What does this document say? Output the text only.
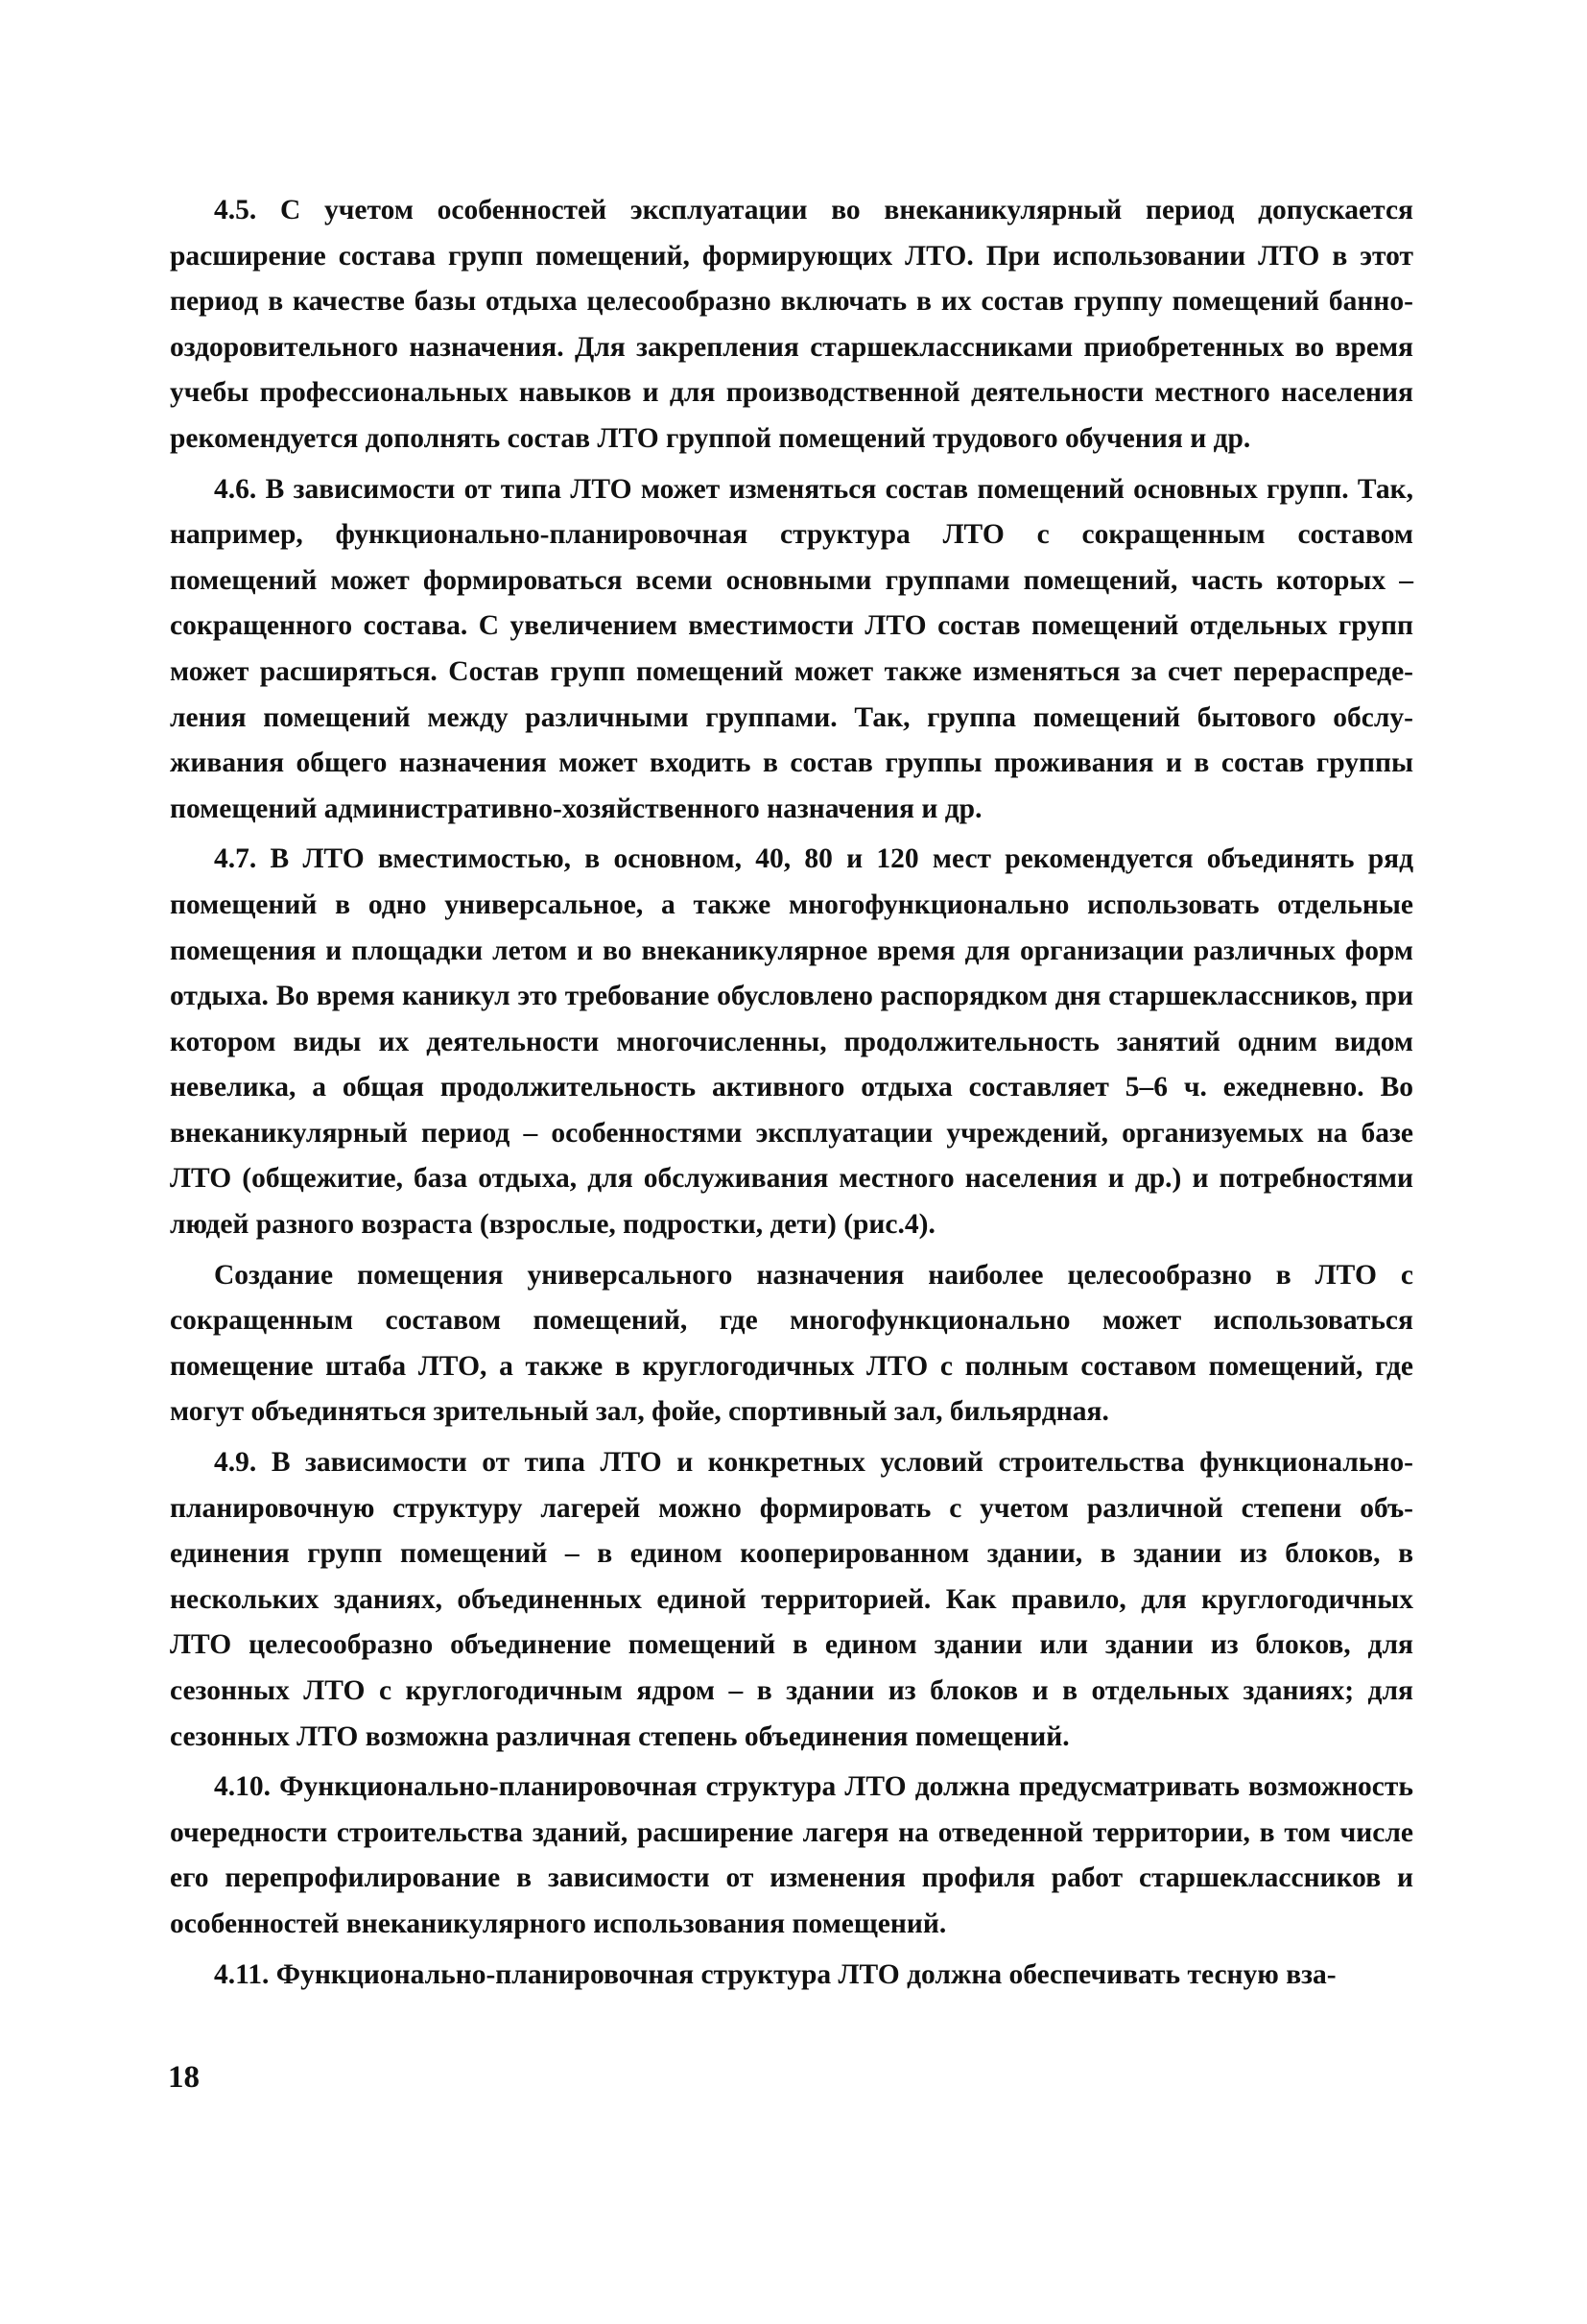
4.5. С учетом особенностей эксплуатации во внеканикулярный период допускается расширение состава групп помещений, формирующих ЛТО. При использовании ЛТО в этот период в качестве базы отдыха целесообразно включать в их состав группу помещений банно-оздоровительного назначения. Для закрепления старшеклассниками приобретенных во время учебы профессиональных навыков и для производственной деятельности местного населения рекомендуется дополнять состав ЛТО группой помещений трудового обучения и др.

4.6. В зависимости от типа ЛТО может изменяться состав помещений основных групп. Так, например, функционально-планировочная структура ЛТО с сокращенным составом помещений может формироваться всеми основными группами помещений, часть которых – сокращенного состава. С увеличением вместимости ЛТО состав помещений отдельных групп может расширяться. Состав групп помещений может также изменяться за счет перераспределения помещений между различными группами. Так, группа помещений бытового обслуживания общего назначения может входить в состав группы проживания и в состав группы помещений административно-хозяйственного назначения и др.

4.7. В ЛТО вместимостью, в основном, 40, 80 и 120 мест рекомендуется объединять ряд помещений в одно универсальное, а также многофункционально использовать отдельные помещения и площадки летом и во внеканикулярное время для организации различных форм отдыха. Во время каникул это требование обусловлено распорядком дня старшеклассников, при котором виды их деятельности многочисленны, продолжительность занятий одним видом невелика, а общая продолжительность активного отдыха составляет 5–6 ч. ежедневно. Во внеканикулярный период – особенностями эксплуатации учреждений, организуемых на базе ЛТО (общежитие, база отдыха, для обслуживания местного населения и др.) и потребностями людей разного возраста (взрослые, подростки, дети) (рис.4).

Создание помещения универсального назначения наиболее целесообразно в ЛТО с сокращенным составом помещений, где многофункционально может использоваться помещение штаба ЛТО, а также в круглогодичных ЛТО с полным составом помещений, где могут объединяться зрительный зал, фойе, спортивный зал, бильярдная.

4.9. В зависимости от типа ЛТО и конкретных условий строительства функционально-планировочную структуру лагерей можно формировать с учетом различной степени объединения групп помещений – в едином кооперированном здании, в здании из блоков, в нескольких зданиях, объединенных единой территорией. Как правило, для круглогодичных ЛТО целесообразно объединение помещений в едином здании или здании из блоков, для сезонных ЛТО с круглогодичным ядром – в здании из блоков и в отдельных зданиях; для сезонных ЛТО возможна различная степень объединения помещений.

4.10. Функционально-планировочная структура ЛТО должна предусматривать возможность очередности строительства зданий, расширение лагеря на отведенной территории, в том числе его перепрофилирование в зависимости от изменения профиля работ старшеклассников и особенностей внеканикулярного использования помещений.

4.11. Функционально-планировочная структура ЛТО должна обеспечивать тесную вза-

18
